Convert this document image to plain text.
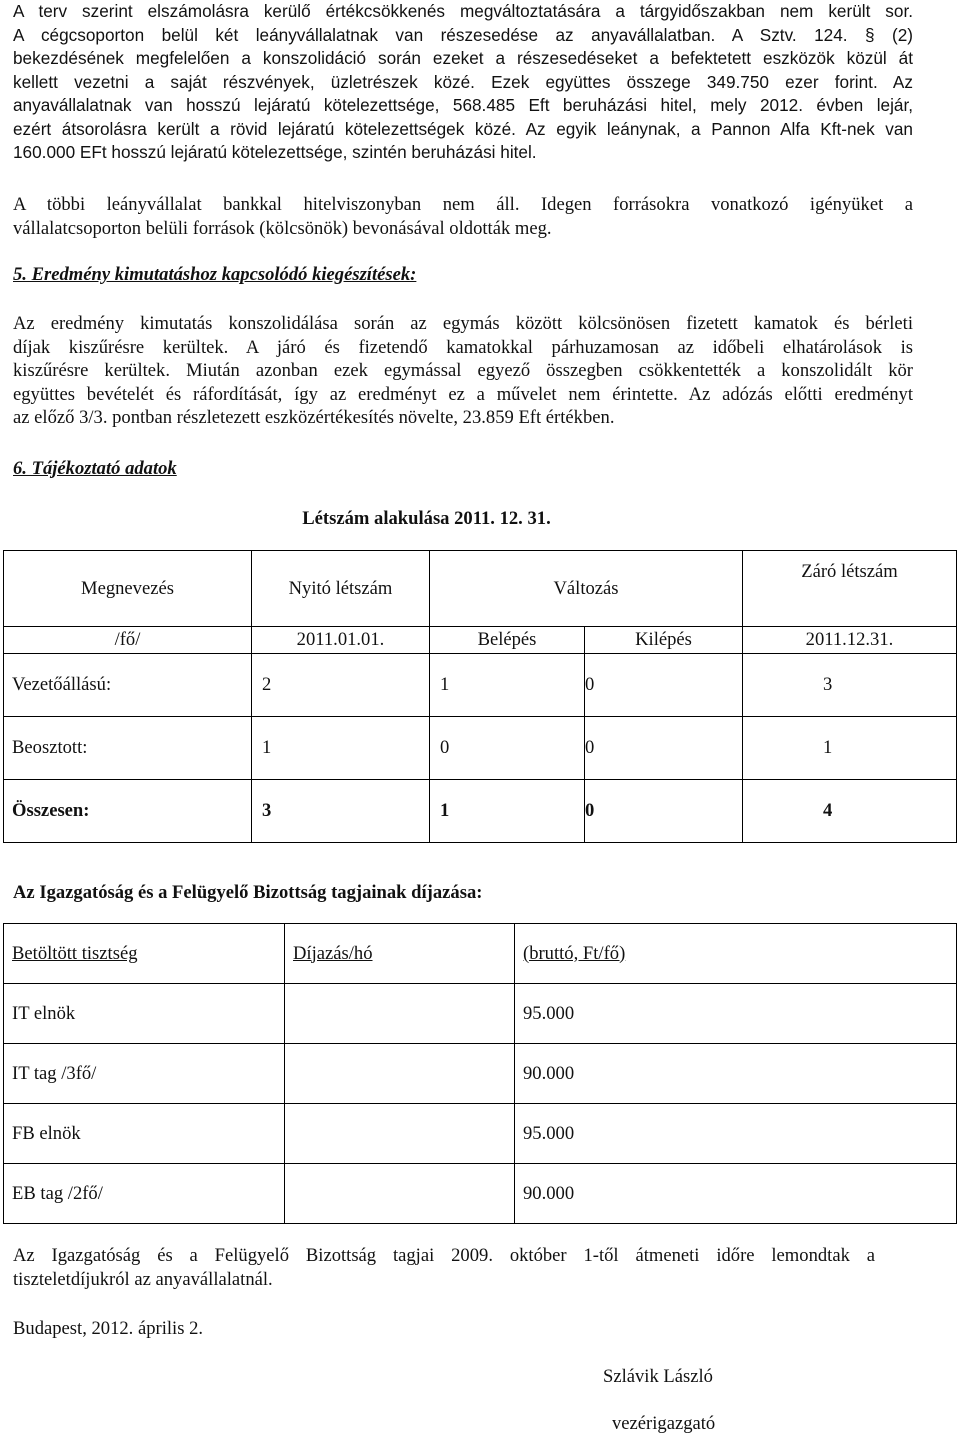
A terv szerint elszámolásra kerülő értékcsökkenés megváltoztatására a tárgyidőszakban nem került sor.
A cégcsoporton belül két leányvállalatnak van részesedése az anyavállalatban. A Sztv. 124. § (2)
bekezdésének megfelelően a konszolidáció során ezeket a részesedéseket a befektetett eszközök közül át
kellett vezetni a saját részvények, üzletrészek közé. Ezek együttes összege 349.750 ezer forint. Az
anyavállalatnak van hosszú lejáratú kötelezettsége, 568.485 Eft beruházási hitel, mely 2012. évben lejár,
ezért átsorolásra került a rövid lejáratú kötelezettségek közé. Az egyik leánynak, a Pannon Alfa Kft-nek van
160.000 EFt hosszú lejáratú kötelezettsége, szintén beruházási hitel.
A többi leányvállalat bankkal hitelviszonyban nem áll. Idegen forrásokra vonatkozó igényüket a
vállalatcsoporton belüli források (kölcsönök) bevonásával oldották meg.

5. Eredmény kimutatáshoz kapcsolódó kiegészítések:

Az eredmény kimutatás konszolidálása során az egymás között kölcsönösen fizetett kamatok és bérleti
díjak kiszűrésre kerültek. A járó és fizetendő kamatokkal párhuzamosan az időbeli elhatárolások is
kiszűrésre kerültek. Miután azonban ezek egymással egyező összegben csökkentették a konszolidált kör
együttes bevételét és ráfordítását, így az eredményt ez a művelet nem érintette. Az adózás előtti eredményt
az előző 3/3. pontban részletezett eszközértékesítés növelte, 23.859 Eft értékben.

6. Tájékoztató adatok

Létszám alakulása 2011. 12. 31.

Megnevezés	Nyitó létszám	Változás		Záró létszám
/fő/	2011.01.01.	Belépés	Kilépés	2011.12.31.
Vezetőállású:	2	1	0	3
Beosztott:	1	0	0	1
Összesen:	3	1	0	4

Az Igazgatóság és a Felügyelő Bizottság tagjainak díjazása:

Betöltött tisztség	Díjazás/hó	(bruttó, Ft/fő)
IT elnök		95.000
IT tag /3fő/		90.000
FB elnök		95.000
EB tag /2fő/		90.000
Az Igazgatóság és a Felügyelő Bizottság tagjai 2009. október 1-től átmeneti időre lemondtak a
tiszteletdíjukról az anyavállalatnál.

Budapest, 2012. április 2.

Szlávik László

vezérigazgató
